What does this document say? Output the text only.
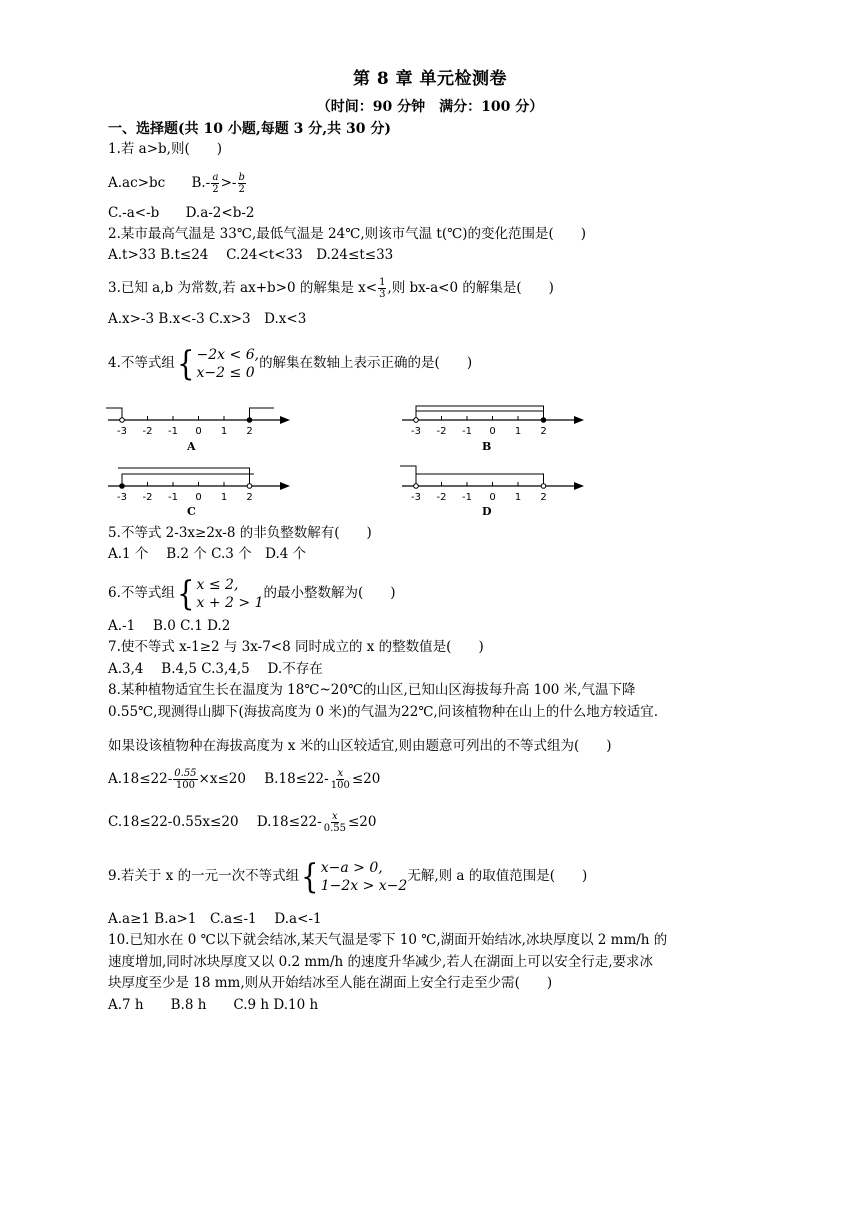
第 8 章 单元检测卷
（时间：90 分钟　满分：100 分）
一、选择题(共 10 小题,每题 3 分,共 30 分)
1.若 a>b,则(　　)
A.ac>bc $B.- \frac{a}{2} >- \frac{b}{2}$
C.-a<-b D.a-2<b-2
2.某市最高气温是 33℃,最低气温是 24℃,则该市气温 t(℃)的变化范围是(　　)
A.t>33 B.t≤24　 C.24<t<33　D.24≤t≤33
3.已知 a,b 为常数,若 ax+b>0 的解集是 $x< \frac{1}{3}$ ,则 bx-a<0 的解集是(　　)
A.x>-3 B.x<-3 C.x>3　D.x<3
4.不等式组 { −2x < 6,
x−2 ≤ 0
的解集在数轴上表示正确的是(　　)
-3 -2 -1 0 1 2
A
-3 -2 -1 0 1 2
B
-3 -2 -1 0 1 2
C
-3 -2 -1 0 1 2
D
5.不等式 2-3x≥2x-8 的非负整数解有(　　)
A.1 个　 B.2 个 C.3 个　D.4 个
6.不等式组 { x ≤ 2,
x + 2 > 1
的最小整数解为(　　)
A.-1　 B.0 C.1 D.2
7.使不等式 x-1≥2 与 3x-7<8 同时成立的 x 的整数值是(　　)
A.3,4　 B.4,5 C.3,4,5　 D.不存在
8.某种植物适宜生长在温度为 18℃~20℃的山区,已知山区海拔每升高 100 米,气温下降
0.55℃,现测得山脚下(海拔高度为 0 米)的气温为22℃,问该植物种在山上的什么地方较适宜.
如果设该植物种在海拔高度为 x 米的山区较适宜,则由题意可列出的不等式组为(　　)
$A.18\le 22- \frac{0.55}{100} \times x\le 20$ $B.18\le 22- \frac{x}{100} \le 20$
C.18≤22-0.55x≤20 $D.18\le 22- \frac{x}{0.55} \le 20$
9.若关于 x 的一元一次不等式组 { x−a > 0,
1−2x > x−2
无解,则 a 的取值范围是(　　)
A.a≥1 B.a>1　C.a≤-1　 D.a<-1
10.已知水在 0 ℃以下就会结冰,某天气温是零下 10 ℃,湖面开始结冰,冰块厚度以 2 mm/h 的
速度增加,同时冰块厚度又以 0.2 mm/h 的速度升华减少,若人在湖面上可以安全行走,要求冰
块厚度至少是 18 mm,则从开始结冰至人能在湖面上安全行走至少需(　　)
A.7 h　　B.8 h　　C.9 h D.10 h
